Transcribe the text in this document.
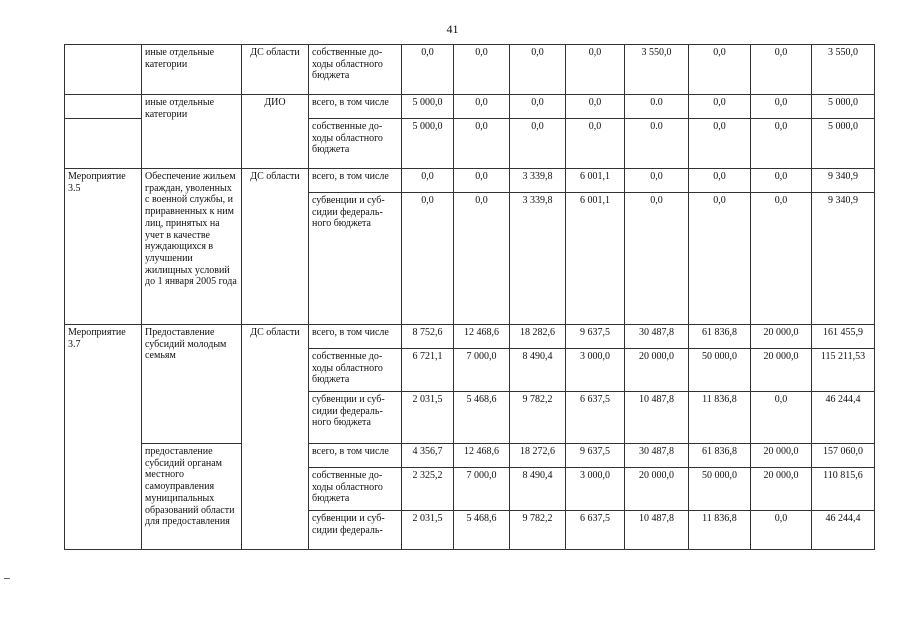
41
	иные отдельные категории	ДС области	собственные до-
ходы областного
бюджета	0,0	0,0	0,0	0,0	3 550,0	0,0	0,0	3 550,0
	иные отдельные категории	ДИО	всего, в том числе	5 000,0	0,0	0,0	0,0	0.0	0,0	0,0	5 000,0
			собственные до-
ходы областного
бюджета	5 000,0	0,0	0,0	0,0	0.0	0,0	0,0	5 000,0
Мероприятие 3.5	Обеспечение жильем граждан, уволенных с военной службы, и приравненных к ним лиц, принятых на учет в качестве нуждающихся в улучшении жилищных условий до 1 января 2005 года	ДС области	всего, в том числе	0,0	0,0	3 339,8	6 001,1	0,0	0,0	0,0	9 340,9
			субвенции и суб-
сидии федераль-
ного бюджета	0,0	0,0	3 339,8	6 001,1	0,0	0,0	0,0	9 340,9
Мероприятие 3.7	Предоставление субсидий молодым семьям	ДС области	всего, в том числе	8 752,6	12 468,6	18 282,6	9 637,5	30 487,8	61 836,8	20 000,0	161 455,9
			собственные до-
ходы областного
бюджета	6 721,1	7 000,0	8 490,4	3 000,0	20 000,0	50 000,0	20 000,0	115 211,53
			субвенции и суб-
сидии федераль-
ного бюджета	2 031,5	5 468,6	9 782,2	6 637,5	10 487,8	11 836,8	0,0	46 244,4
	предоставление субсидий органам местного самоуправления муниципальных образований области для предоставления		всего, в том числе	4 356,7	12 468,6	18 272,6	9 637,5	30 487,8	61 836,8	20 000,0	157 060,0
			собственные до-
ходы областного
бюджета	2 325,2	7 000,0	8 490,4	3 000,0	20 000,0	50 000,0	20 000,0	110 815,6
			субвенции и суб-
сидии федераль-	2 031,5	5 468,6	9 782,2	6 637,5	10 487,8	11 836,8	0,0	46 244,4
